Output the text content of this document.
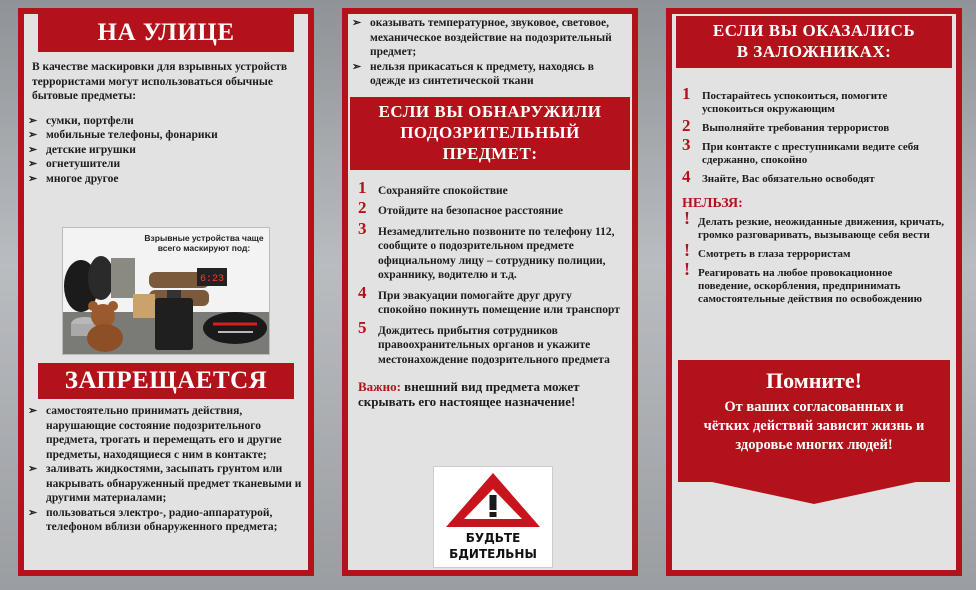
НА УЛИЦЕ
В качестве маскировки для взрывных устройств террористами могут использоваться обычные бытовые предметы:
➢ сумки, портфели
➢ мобильные телефоны, фонарики
➢ детские игрушки
➢ огнетушители
➢ многое другое
Взрывные устройства чаще всего маскируют под:
6:23
ЗАПРЕЩАЕТСЯ
➢ самостоятельно принимать действия, нарушающие состояние подозрительного предмета, трогать и перемещать его и другие предметы, находящиеся с ним в контакте;
➢ заливать жидкостями, засыпать грунтом или накрывать обнаруженный предмет тканевыми и другими материалами;
➢ пользоваться электро-, радио-аппаратурой, телефоном вблизи обнаруженного предмета;
➢ оказывать температурное, звуковое, световое, механическое воздействие на подозрительный предмет;
➢ нельзя прикасаться к предмету, находясь в одежде из синтетической ткани
ЕСЛИ ВЫ ОБНАРУЖИЛИ ПОДОЗРИТЕЛЬНЫЙ ПРЕДМЕТ:
1 Сохраняйте спокойствие
2 Отойдите на безопасное расстояние
3 Незамедлительно позвоните по телефону 112, сообщите о подозрительном предмете официальному лицу – сотруднику полиции, охраннику, водителю и т.д.
4 При эвакуации помогайте друг другу спокойно покинуть помещение или транспорт
5 Дождитесь прибытия сотрудников правоохранительных органов и укажите местонахождение подозрительного предмета
Важно: внешний вид предмета может скрывать его настоящее назначение!
БУДЬТЕ
БДИТЕЛЬНЫ
ЕСЛИ ВЫ ОКАЗАЛИСЬ В ЗАЛОЖНИКАХ:
1 Постарайтесь успокоиться, помогите успокоиться окружающим
2 Выполняйте требования террористов
3 При контакте с преступниками ведите себя сдержанно, спокойно
4 Знайте, Вас обязательно освободят
НЕЛЬЗЯ:
! Делать резкие, неожиданные движения, кричать, громко разговаривать, вызывающе себя вести
! Смотреть в глаза террористам
! Реагировать на любое провокационное поведение, оскорбления, предпринимать самостоятельные действия по освобождению
Помните!
От ваших согласованных и чётких действий зависит жизнь и здоровье многих людей!
